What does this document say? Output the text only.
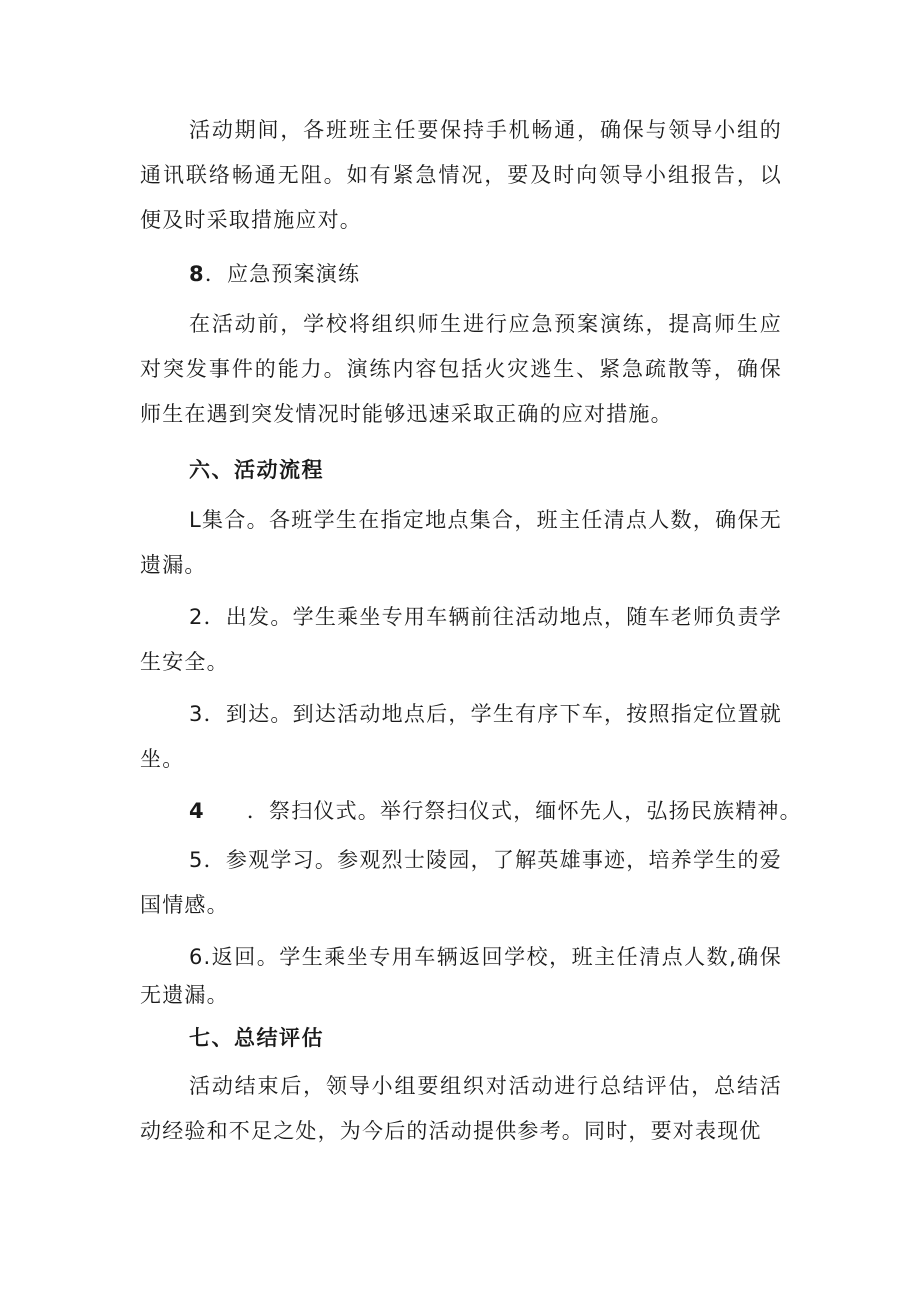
活动期间，各班班主任要保持手机畅通，确保与领导小组的通讯联络畅通无阻。如有紧急情况，要及时向领导小组报告，以便及时采取措施应对。

8．应急预案演练

在活动前，学校将组织师生进行应急预案演练，提高师生应对突发事件的能力。演练内容包括火灾逃生、紧急疏散等，确保师生在遇到突发情况时能够迅速采取正确的应对措施。

六、活动流程

L集合。各班学生在指定地点集合，班主任清点人数，确保无遗漏。

2．出发。学生乘坐专用车辆前往活动地点，随车老师负责学生安全。

3．到达。到达活动地点后，学生有序下车，按照指定位置就坐。

4 ．祭扫仪式。举行祭扫仪式，缅怀先人，弘扬民族精神。

5．参观学习。参观烈士陵园，了解英雄事迹，培养学生的爱国情感。

6.返回。学生乘坐专用车辆返回学校，班主任清点人数,确保无遗漏。

七、总结评估

活动结束后，领导小组要组织对活动进行总结评估，总结活动经验和不足之处，为今后的活动提供参考。同时，要对表现优
